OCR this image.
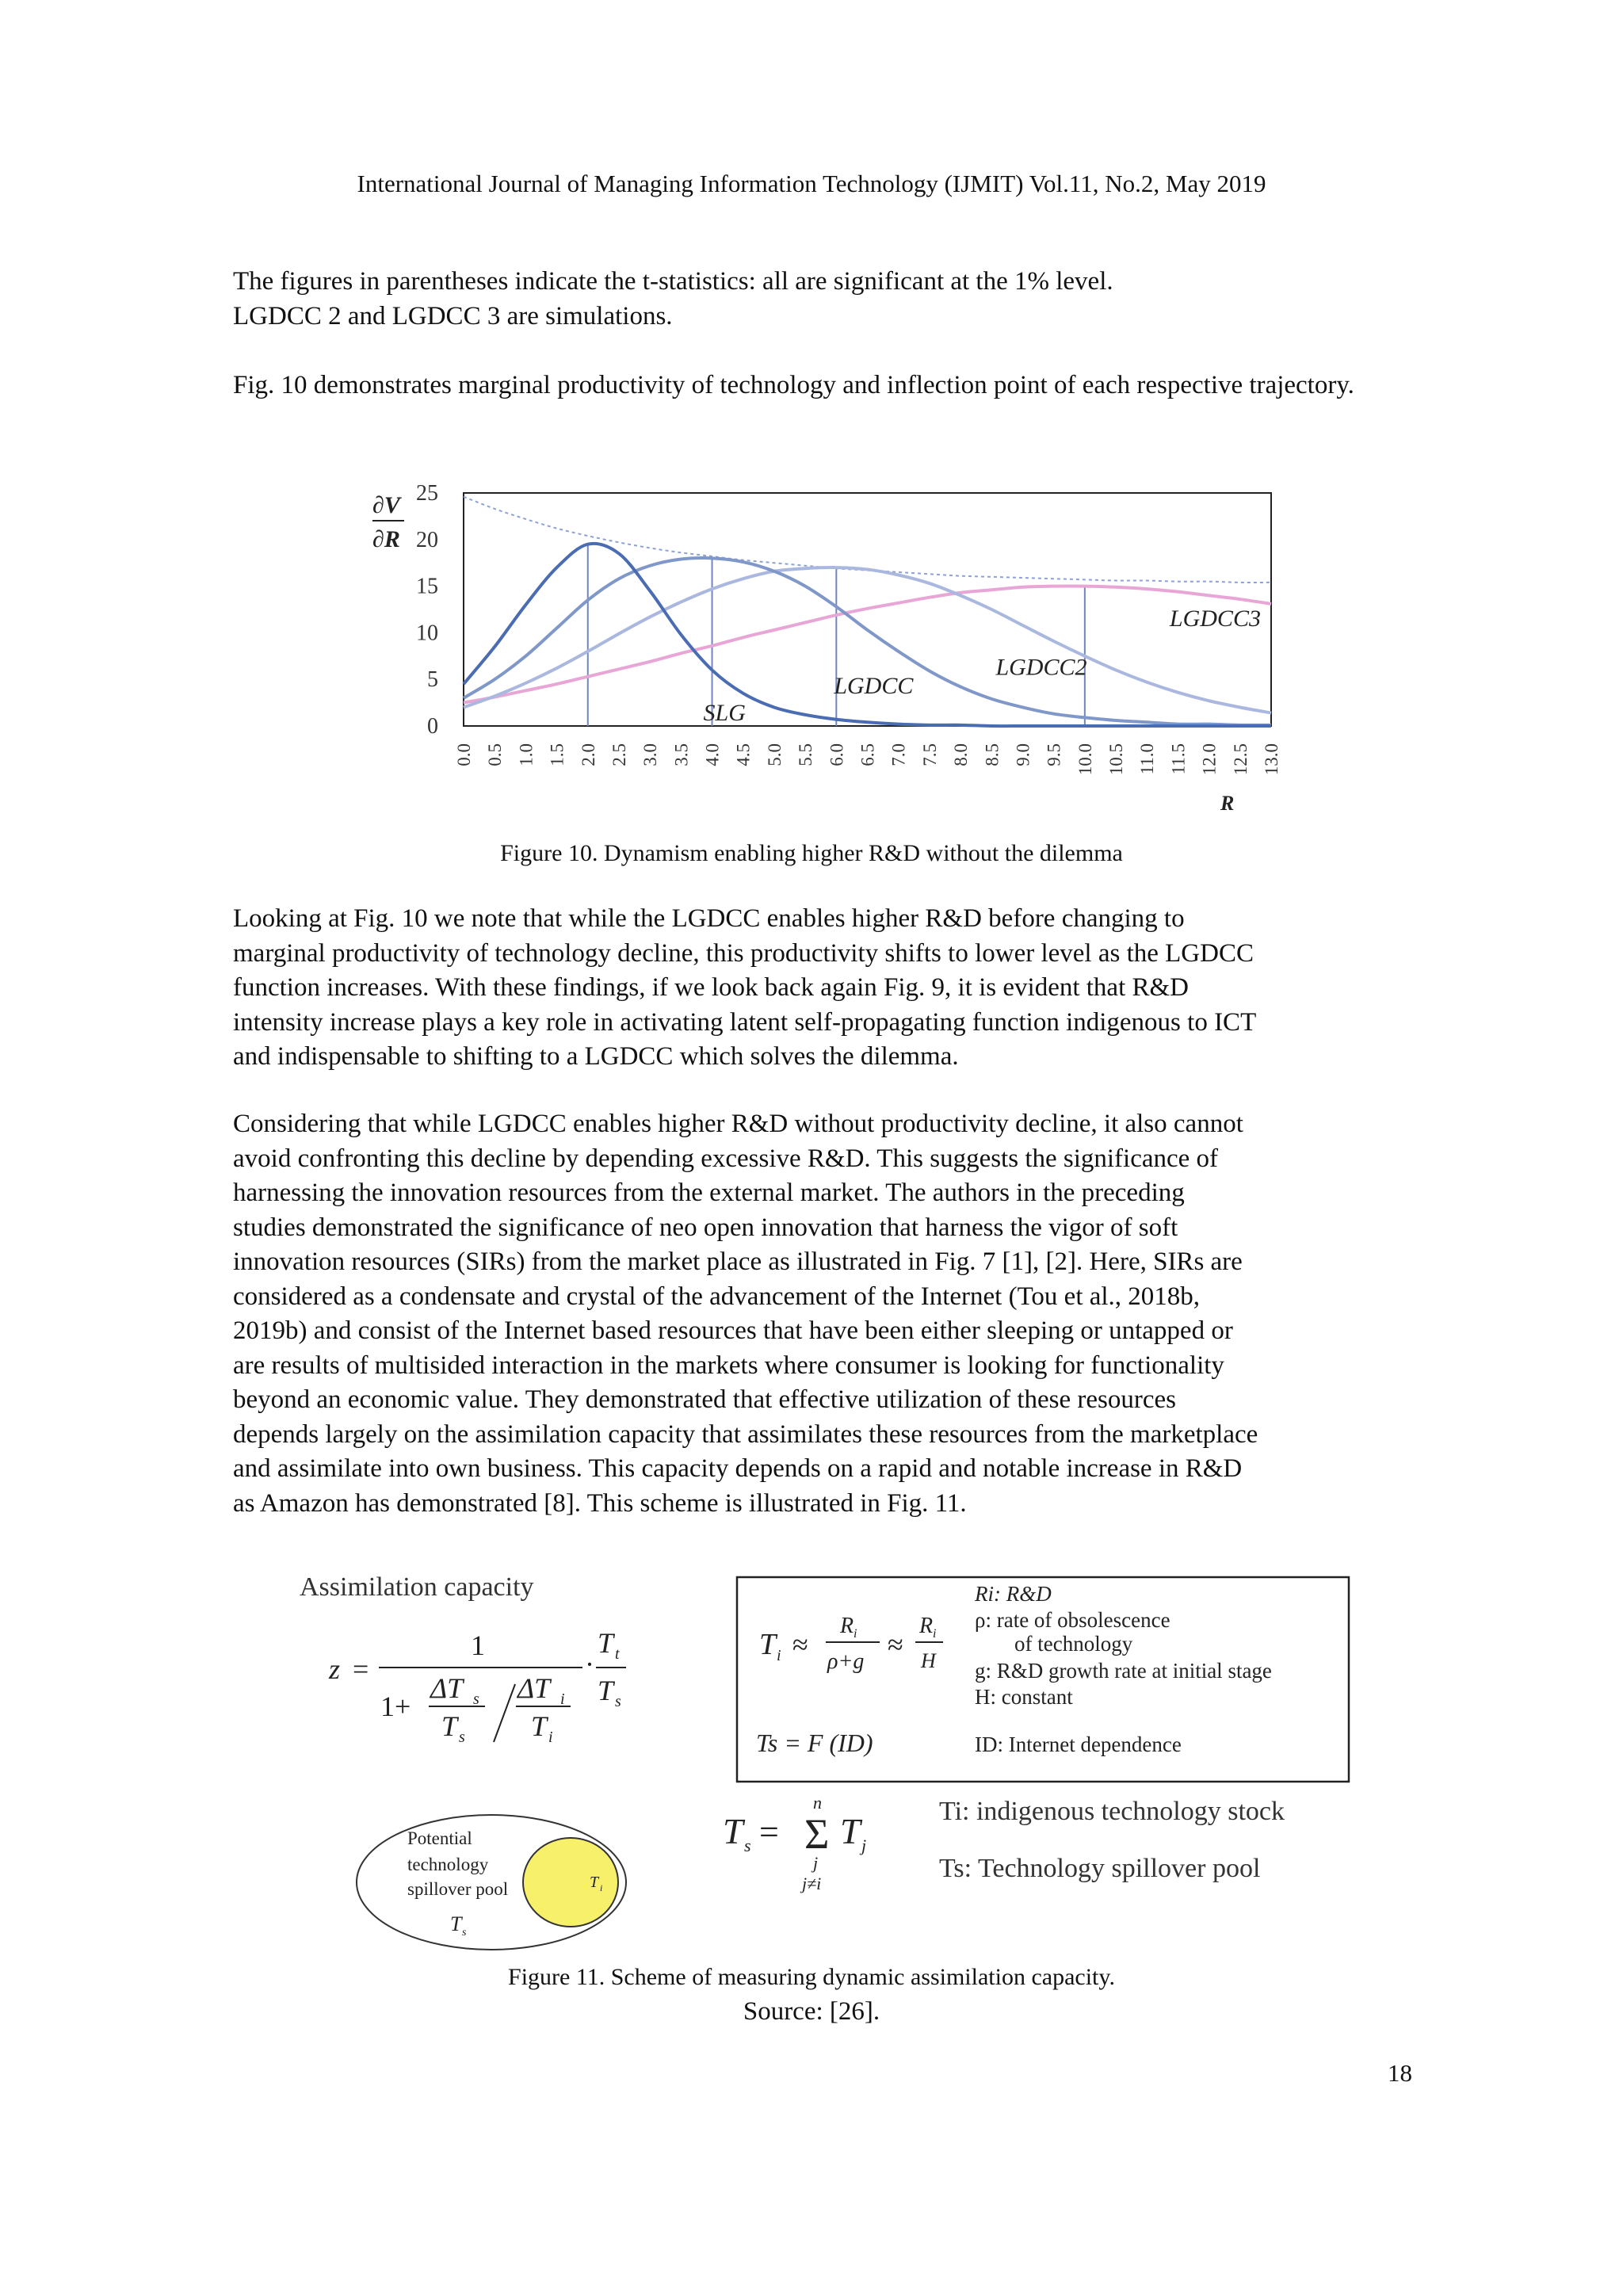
International Journal of Managing Information Technology (IJMIT) Vol.11, No.2, May 2019
The figures in parentheses indicate the t-statistics: all are significant at the 1% level.
LGDCC 2 and LGDCC 3 are simulations.
Fig. 10 demonstrates marginal productivity of technology and inflection point of each respective trajectory.
0
5
10
15
20
25
0.0 0.5 1.0 1.5 2.0 2.5 3.0 3.5 4.0 4.5 5.0 5.5 6.0 6.5 7.0 7.5 8.0 8.5 9.0 9.5 10.0 10.5 11.0 11.5 12.0 12.5 13.0
SLG
LGDCC
LGDCC2
LGDCC3
∂V
∂R
R
Figure 10. Dynamism enabling higher R&D without the dilemma
Looking at Fig. 10 we note that while the LGDCC enables higher R&D before changing to
marginal productivity of technology decline, this productivity shifts to lower level as the LGDCC
function increases. With these findings, if we look back again Fig. 9, it is evident that R&D
intensity increase plays a key role in activating latent self-propagating function indigenous to ICT
and indispensable to shifting to a LGDCC which solves the dilemma.
Considering that while LGDCC enables higher R&D without productivity decline, it also cannot
avoid confronting this decline by depending excessive R&D. This suggests the significance of
harnessing the innovation resources from the external market. The authors in the preceding
studies demonstrated the significance of neo open innovation that harness the vigor of soft
innovation resources (SIRs) from the market place as illustrated in Fig. 7 [1], [2]. Here, SIRs are
considered as a condensate and crystal of the advancement of the Internet (Tou et al., 2018b,
2019b) and consist of the Internet based resources that have been either sleeping or untapped or
are results of multisided interaction in the markets where consumer is looking for functionality
beyond an economic value. They demonstrated that effective utilization of these resources
depends largely on the assimilation capacity that assimilates these resources from the marketplace
and assimilate into own business. This capacity depends on a rapid and notable increase in R&D
as Amazon has demonstrated [8]. This scheme is illustrated in Fig. 11.
Assimilation capacity
z =
1
1+
ΔT s
T s
ΔT i
T i
·
T t
T s
T i ≈
R i
ρ+g
≈
R i
H
Ts = F (ID)
Ri: R&D
ρ: rate of obsolescence
of technology
g: R&D growth rate at initial stage
H: constant
ID: Internet dependence
T s = Σ
n
j
j≠i
T j
Ti: indigenous technology stock
Ts: Technology spillover pool
Potential
technology
spillover pool
T s
T i
Figure 11. Scheme of measuring dynamic assimilation capacity.
Source: [26].
18
